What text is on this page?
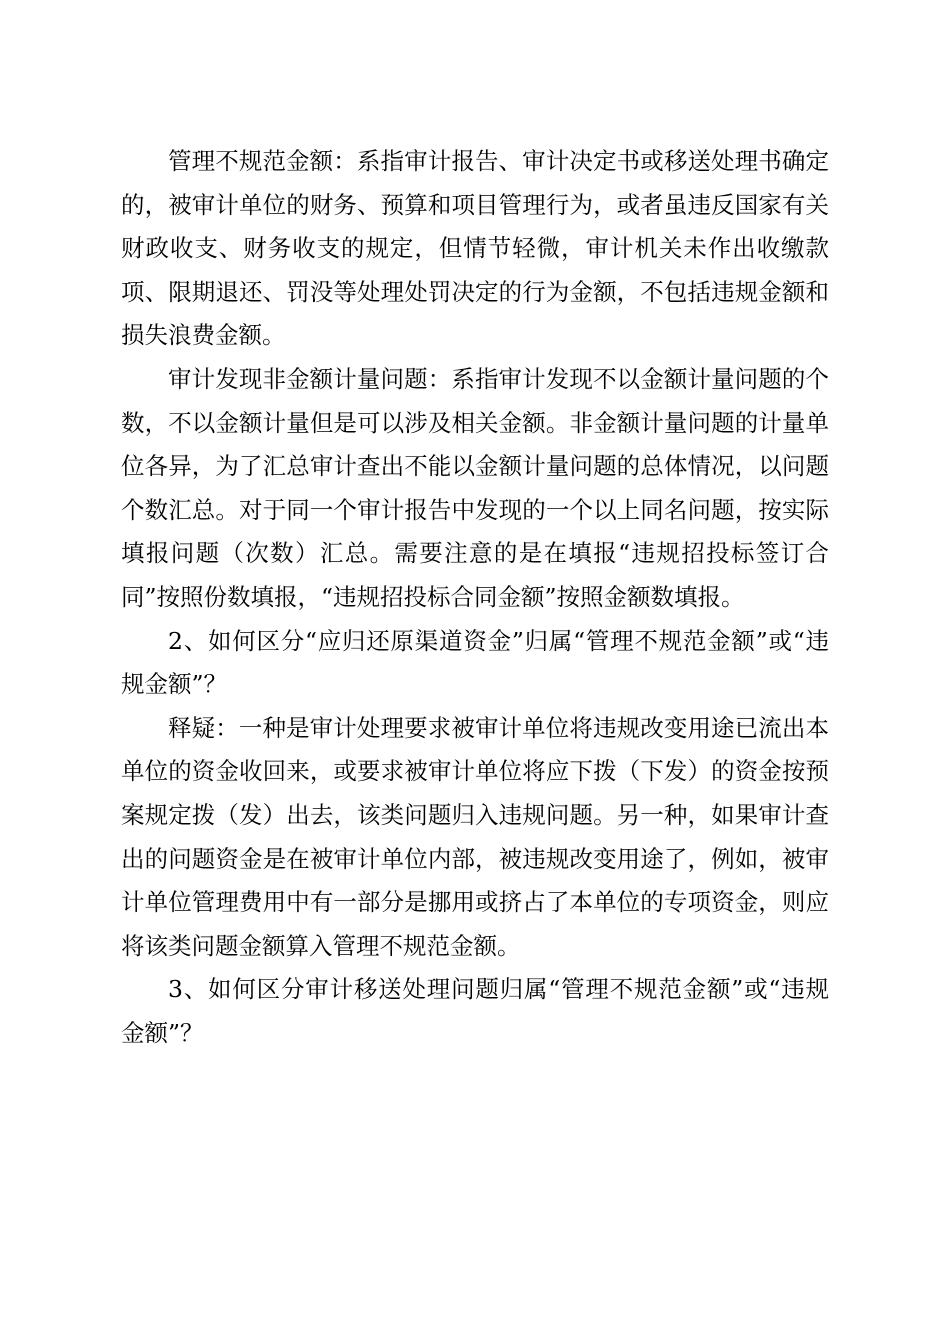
管理不规范金额：系指审计报告、审计决定书或移送处理书确定的，被审计单位的财务、预算和项目管理行为，或者虽违反国家有关财政收支、财务收支的规定，但情节轻微，审计机关未作出收缴款项、限期退还、罚没等处理处罚决定的行为金额，不包括违规金额和损失浪费金额。

审计发现非金额计量问题：系指审计发现不以金额计量问题的个数，不以金额计量但是可以涉及相关金额。非金额计量问题的计量单位各异，为了汇总审计查出不能以金额计量问题的总体情况，以问题个数汇总。对于同一个审计报告中发现的一个以上同名问题，按实际填报问题（次数）汇总。需要注意的是在填报“违规招投标签订合同”按照份数填报，“违规招投标合同金额”按照金额数填报。

2、如何区分“应归还原渠道资金”归属“管理不规范金额”或“违规金额”？

释疑：一种是审计处理要求被审计单位将违规改变用途已流出本单位的资金收回来，或要求被审计单位将应下拨（下发）的资金按预案规定拨（发）出去，该类问题归入违规问题。另一种，如果审计查出的问题资金是在被审计单位内部，被违规改变用途了，例如，被审计单位管理费用中有一部分是挪用或挤占了本单位的专项资金，则应将该类问题金额算入管理不规范金额。

3、如何区分审计移送处理问题归属“管理不规范金额”或“违规金额”？
